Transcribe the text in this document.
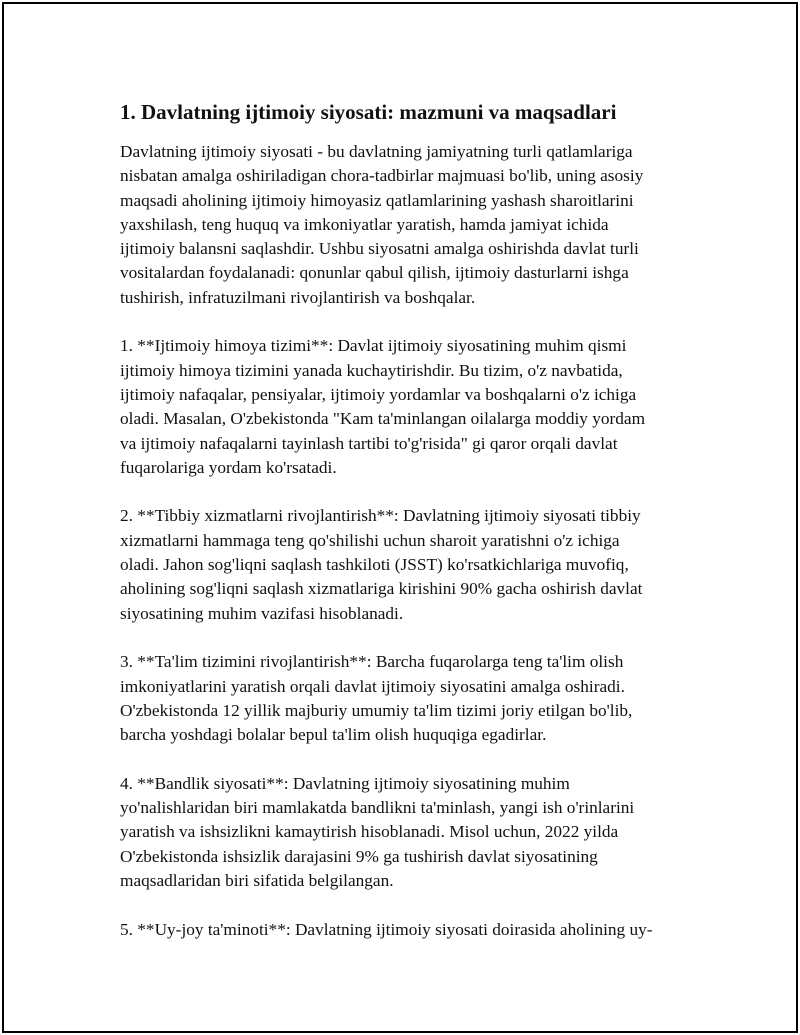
1. Davlatning ijtimoiy siyosati: mazmuni va maqsadlari

Davlatning ijtimoiy siyosati - bu davlatning jamiyatning turli qatlamlariga
nisbatan amalga oshiriladigan chora-tadbirlar majmuasi bo'lib, uning asosiy
maqsadi aholining ijtimoiy himoyasiz qatlamlarining yashash sharoitlarini
yaxshilash, teng huquq va imkoniyatlar yaratish, hamda jamiyat ichida
ijtimoiy balansni saqlashdir. Ushbu siyosatni amalga oshirishda davlat turli
vositalardan foydalanadi: qonunlar qabul qilish, ijtimoiy dasturlarni ishga
tushirish, infratuzilmani rivojlantirish va boshqalar.

1. **Ijtimoiy himoya tizimi**: Davlat ijtimoiy siyosatining muhim qismi
ijtimoiy himoya tizimini yanada kuchaytirishdir. Bu tizim, o'z navbatida,
ijtimoiy nafaqalar, pensiyalar, ijtimoiy yordamlar va boshqalarni o'z ichiga
oladi. Masalan, O'zbekistonda "Kam ta'minlangan oilalarga moddiy yordam
va ijtimoiy nafaqalarni tayinlash tartibi to'g'risida" gi qaror orqali davlat
fuqarolariga yordam ko'rsatadi.

2. **Tibbiy xizmatlarni rivojlantirish**: Davlatning ijtimoiy siyosati tibbiy
xizmatlarni hammaga teng qo'shilishi uchun sharoit yaratishni o'z ichiga
oladi. Jahon sog'liqni saqlash tashkiloti (JSST) ko'rsatkichlariga muvofiq,
aholining sog'liqni saqlash xizmatlariga kirishini 90% gacha oshirish davlat
siyosatining muhim vazifasi hisoblanadi.

3. **Ta'lim tizimini rivojlantirish**: Barcha fuqarolarga teng ta'lim olish
imkoniyatlarini yaratish orqali davlat ijtimoiy siyosatini amalga oshiradi.
O'zbekistonda 12 yillik majburiy umumiy ta'lim tizimi joriy etilgan bo'lib,
barcha yoshdagi bolalar bepul ta'lim olish huquqiga egadirlar.

4. **Bandlik siyosati**: Davlatning ijtimoiy siyosatining muhim
yo'nalishlaridan biri mamlakatda bandlikni ta'minlash, yangi ish o'rinlarini
yaratish va ishsizlikni kamaytirish hisoblanadi. Misol uchun, 2022 yilda
O'zbekistonda ishsizlik darajasini 9% ga tushirish davlat siyosatining
maqsadlaridan biri sifatida belgilangan.

5. **Uy-joy ta'minoti**: Davlatning ijtimoiy siyosati doirasida aholining uy-
